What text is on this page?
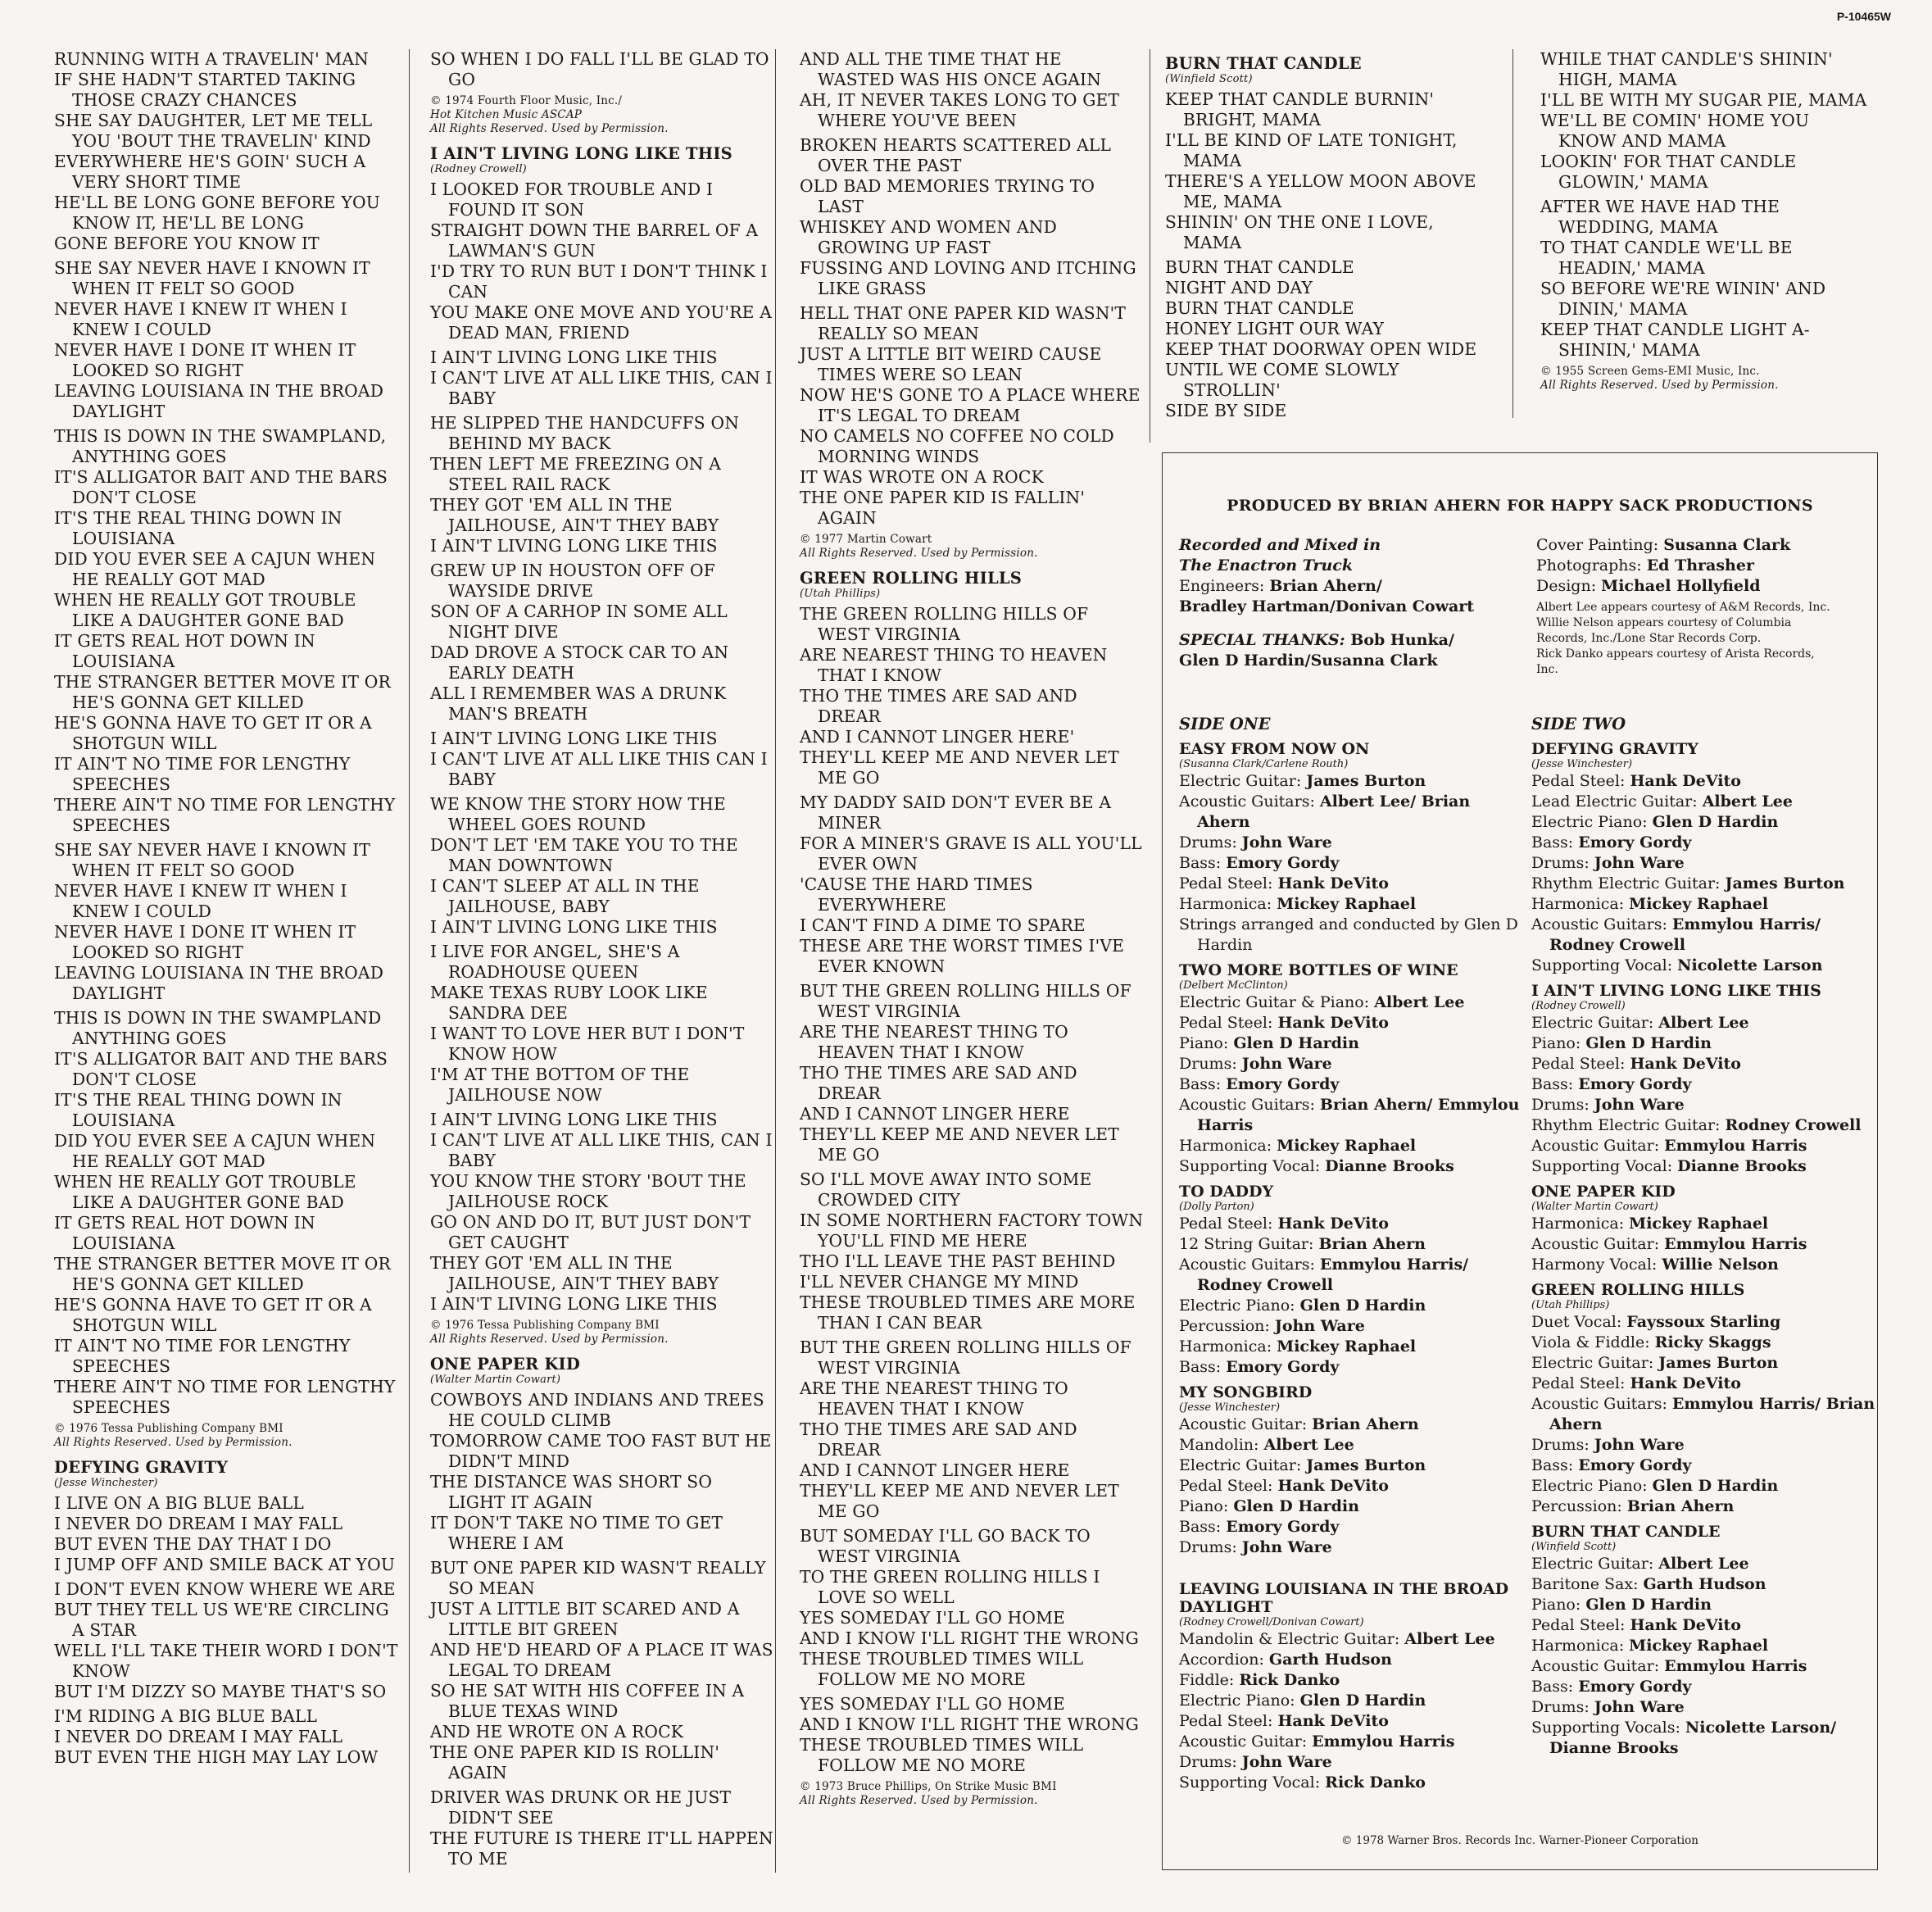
P-10465W
RUNNING WITH A TRAVELIN' MAN
IF SHE HADN'T STARTED TAKING THOSE CRAZY CHANCES
SHE SAY DAUGHTER, LET ME TELL YOU 'BOUT THE TRAVELIN' KIND
EVERYWHERE HE'S GOIN' SUCH A VERY SHORT TIME
HE'LL BE LONG GONE BEFORE YOU KNOW IT, HE'LL BE LONG
GONE BEFORE YOU KNOW IT
SHE SAY NEVER HAVE I KNOWN IT WHEN IT FELT SO GOOD
NEVER HAVE I KNEW IT WHEN I KNEW I COULD
NEVER HAVE I DONE IT WHEN IT LOOKED SO RIGHT
LEAVING LOUISIANA IN THE BROAD DAYLIGHT
THIS IS DOWN IN THE SWAMPLAND, ANYTHING GOES
IT'S ALLIGATOR BAIT AND THE BARS DON'T CLOSE
IT'S THE REAL THING DOWN IN LOUISIANA
DID YOU EVER SEE A CAJUN WHEN HE REALLY GOT MAD
WHEN HE REALLY GOT TROUBLE LIKE A DAUGHTER GONE BAD
IT GETS REAL HOT DOWN IN LOUISIANA
THE STRANGER BETTER MOVE IT OR HE'S GONNA GET KILLED
HE'S GONNA HAVE TO GET IT OR A SHOTGUN WILL
IT AIN'T NO TIME FOR LENGTHY SPEECHES
THERE AIN'T NO TIME FOR LENGTHY SPEECHES
SHE SAY NEVER HAVE I KNOWN IT WHEN IT FELT SO GOOD
NEVER HAVE I KNEW IT WHEN I KNEW I COULD
NEVER HAVE I DONE IT WHEN IT LOOKED SO RIGHT
LEAVING LOUISIANA IN THE BROAD DAYLIGHT
THIS IS DOWN IN THE SWAMPLAND ANYTHING GOES
IT'S ALLIGATOR BAIT AND THE BARS DON'T CLOSE
IT'S THE REAL THING DOWN IN LOUISIANA
DID YOU EVER SEE A CAJUN WHEN HE REALLY GOT MAD
WHEN HE REALLY GOT TROUBLE LIKE A DAUGHTER GONE BAD
IT GETS REAL HOT DOWN IN LOUISIANA
THE STRANGER BETTER MOVE IT OR HE'S GONNA GET KILLED
HE'S GONNA HAVE TO GET IT OR A SHOTGUN WILL
IT AIN'T NO TIME FOR LENGTHY SPEECHES
THERE AIN'T NO TIME FOR LENGTHY SPEECHES
© 1976 Tessa Publishing Company BMI
All Rights Reserved. Used by Permission.
DEFYING GRAVITY
(Jesse Winchester)
I LIVE ON A BIG BLUE BALL
I NEVER DO DREAM I MAY FALL
BUT EVEN THE DAY THAT I DO
I JUMP OFF AND SMILE BACK AT YOU
I DON'T EVEN KNOW WHERE WE ARE
BUT THEY TELL US WE'RE CIRCLING A STAR
WELL I'LL TAKE THEIR WORD I DON'T KNOW
BUT I'M DIZZY SO MAYBE THAT'S SO
I'M RIDING A BIG BLUE BALL
I NEVER DO DREAM I MAY FALL
BUT EVEN THE HIGH MAY LAY LOW
SO WHEN I DO FALL I'LL BE GLAD TO GO
© 1974 Fourth Floor Music, Inc./
Hot Kitchen Music ASCAP
All Rights Reserved. Used by Permission.
I AIN'T LIVING LONG LIKE THIS
(Rodney Crowell)
I LOOKED FOR TROUBLE AND I FOUND IT SON
STRAIGHT DOWN THE BARREL OF A LAWMAN'S GUN
I'D TRY TO RUN BUT I DON'T THINK I CAN
YOU MAKE ONE MOVE AND YOU'RE A DEAD MAN, FRIEND
I AIN'T LIVING LONG LIKE THIS
I CAN'T LIVE AT ALL LIKE THIS, CAN I BABY
HE SLIPPED THE HANDCUFFS ON BEHIND MY BACK
THEN LEFT ME FREEZING ON A STEEL RAIL RACK
THEY GOT 'EM ALL IN THE JAILHOUSE, AIN'T THEY BABY
I AIN'T LIVING LONG LIKE THIS
GREW UP IN HOUSTON OFF OF WAYSIDE DRIVE
SON OF A CARHOP IN SOME ALL NIGHT DIVE
DAD DROVE A STOCK CAR TO AN EARLY DEATH
ALL I REMEMBER WAS A DRUNK MAN'S BREATH
I AIN'T LIVING LONG LIKE THIS
I CAN'T LIVE AT ALL LIKE THIS CAN I BABY
WE KNOW THE STORY HOW THE WHEEL GOES ROUND
DON'T LET 'EM TAKE YOU TO THE MAN DOWNTOWN
I CAN'T SLEEP AT ALL IN THE JAILHOUSE, BABY
I AIN'T LIVING LONG LIKE THIS
I LIVE FOR ANGEL, SHE'S A ROADHOUSE QUEEN
MAKE TEXAS RUBY LOOK LIKE SANDRA DEE
I WANT TO LOVE HER BUT I DON'T KNOW HOW
I'M AT THE BOTTOM OF THE JAILHOUSE NOW
I AIN'T LIVING LONG LIKE THIS
I CAN'T LIVE AT ALL LIKE THIS, CAN I BABY
YOU KNOW THE STORY 'BOUT THE JAILHOUSE ROCK
GO ON AND DO IT, BUT JUST DON'T GET CAUGHT
THEY GOT 'EM ALL IN THE JAILHOUSE, AIN'T THEY BABY
I AIN'T LIVING LONG LIKE THIS
© 1976 Tessa Publishing Company BMI
All Rights Reserved. Used by Permission.
ONE PAPER KID
(Walter Martin Cowart)
COWBOYS AND INDIANS AND TREES HE COULD CLIMB
TOMORROW CAME TOO FAST BUT HE DIDN'T MIND
THE DISTANCE WAS SHORT SO LIGHT IT AGAIN
IT DON'T TAKE NO TIME TO GET WHERE I AM
BUT ONE PAPER KID WASN'T REALLY SO MEAN
JUST A LITTLE BIT SCARED AND A LITTLE BIT GREEN
AND HE'D HEARD OF A PLACE IT WAS LEGAL TO DREAM
SO HE SAT WITH HIS COFFEE IN A BLUE TEXAS WIND
AND HE WROTE ON A ROCK
THE ONE PAPER KID IS ROLLIN' AGAIN
DRIVER WAS DRUNK OR HE JUST DIDN'T SEE
THE FUTURE IS THERE IT'LL HAPPEN TO ME
AND ALL THE TIME THAT HE WASTED WAS HIS ONCE AGAIN
AH, IT NEVER TAKES LONG TO GET WHERE YOU'VE BEEN
BROKEN HEARTS SCATTERED ALL OVER THE PAST
OLD BAD MEMORIES TRYING TO LAST
WHISKEY AND WOMEN AND GROWING UP FAST
FUSSING AND LOVING AND ITCHING LIKE GRASS
HELL THAT ONE PAPER KID WASN'T REALLY SO MEAN
JUST A LITTLE BIT WEIRD CAUSE TIMES WERE SO LEAN
NOW HE'S GONE TO A PLACE WHERE IT'S LEGAL TO DREAM
NO CAMELS NO COFFEE NO COLD MORNING WINDS
IT WAS WROTE ON A ROCK
THE ONE PAPER KID IS FALLIN' AGAIN
© 1977 Martin Cowart
All Rights Reserved. Used by Permission.
GREEN ROLLING HILLS
(Utah Phillips)
THE GREEN ROLLING HILLS OF WEST VIRGINIA
ARE NEAREST THING TO HEAVEN THAT I KNOW
THO THE TIMES ARE SAD AND DREAR
AND I CANNOT LINGER HERE'
THEY'LL KEEP ME AND NEVER LET ME GO
MY DADDY SAID DON'T EVER BE A MINER
FOR A MINER'S GRAVE IS ALL YOU'LL EVER OWN
'CAUSE THE HARD TIMES EVERYWHERE
I CAN'T FIND A DIME TO SPARE
THESE ARE THE WORST TIMES I'VE EVER KNOWN
BUT THE GREEN ROLLING HILLS OF WEST VIRGINIA
ARE THE NEAREST THING TO HEAVEN THAT I KNOW
THO THE TIMES ARE SAD AND DREAR
AND I CANNOT LINGER HERE
THEY'LL KEEP ME AND NEVER LET ME GO
SO I'LL MOVE AWAY INTO SOME CROWDED CITY
IN SOME NORTHERN FACTORY TOWN YOU'LL FIND ME HERE
THO I'LL LEAVE THE PAST BEHIND
I'LL NEVER CHANGE MY MIND
THESE TROUBLED TIMES ARE MORE THAN I CAN BEAR
BUT THE GREEN ROLLING HILLS OF WEST VIRGINIA
ARE THE NEAREST THING TO HEAVEN THAT I KNOW
THO THE TIMES ARE SAD AND DREAR
AND I CANNOT LINGER HERE
THEY'LL KEEP ME AND NEVER LET ME GO
BUT SOMEDAY I'LL GO BACK TO WEST VIRGINIA
TO THE GREEN ROLLING HILLS I LOVE SO WELL
YES SOMEDAY I'LL GO HOME
AND I KNOW I'LL RIGHT THE WRONG
THESE TROUBLED TIMES WILL FOLLOW ME NO MORE
YES SOMEDAY I'LL GO HOME
AND I KNOW I'LL RIGHT THE WRONG
THESE TROUBLED TIMES WILL FOLLOW ME NO MORE
© 1973 Bruce Phillips, On Strike Music BMI
All Rights Reserved. Used by Permission.
BURN THAT CANDLE
(Winfield Scott)
KEEP THAT CANDLE BURNIN' BRIGHT, MAMA
I'LL BE KIND OF LATE TONIGHT, MAMA
THERE'S A YELLOW MOON ABOVE ME, MAMA
SHININ' ON THE ONE I LOVE, MAMA
BURN THAT CANDLE
NIGHT AND DAY
BURN THAT CANDLE
HONEY LIGHT OUR WAY
KEEP THAT DOORWAY OPEN WIDE
UNTIL WE COME SLOWLY STROLLIN'
SIDE BY SIDE
WHILE THAT CANDLE'S SHININ' HIGH, MAMA
I'LL BE WITH MY SUGAR PIE, MAMA
WE'LL BE COMIN' HOME YOU KNOW AND MAMA
LOOKIN' FOR THAT CANDLE GLOWIN,' MAMA
AFTER WE HAVE HAD THE WEDDING, MAMA
TO THAT CANDLE WE'LL BE HEADIN,' MAMA
SO BEFORE WE'RE WININ' AND DININ,' MAMA
KEEP THAT CANDLE LIGHT A-SHININ,' MAMA
© 1955 Screen Gems-EMI Music, Inc.
All Rights Reserved. Used by Permission.
PRODUCED BY BRIAN AHERN FOR HAPPY SACK PRODUCTIONS
Recorded and Mixed in
The Enactron Truck
Engineers: Brian Ahern/
Bradley Hartman/Donivan Cowart
SPECIAL THANKS: Bob Hunka/
Glen D Hardin/Susanna Clark
Cover Painting: Susanna Clark
Photographs: Ed Thrasher
Design: Michael Hollyfield
Albert Lee appears courtesy of A&M Records, Inc.
Willie Nelson appears courtesy of Columbia
Records, Inc./Lone Star Records Corp.
Rick Danko appears courtesy of Arista Records,
Inc.
SIDE ONE
EASY FROM NOW ON
(Susanna Clark/Carlene Routh)
Electric Guitar: James Burton
Acoustic Guitars: Albert Lee/ Brian Ahern
Drums: John Ware
Bass: Emory Gordy
Pedal Steel: Hank DeVito
Harmonica: Mickey Raphael
Strings arranged and conducted by Glen D Hardin
TWO MORE BOTTLES OF WINE
(Delbert McClinton)
Electric Guitar & Piano: Albert Lee
Pedal Steel: Hank DeVito
Piano: Glen D Hardin
Drums: John Ware
Bass: Emory Gordy
Acoustic Guitars: Brian Ahern/ Emmylou Harris
Harmonica: Mickey Raphael
Supporting Vocal: Dianne Brooks
TO DADDY
(Dolly Parton)
Pedal Steel: Hank DeVito
12 String Guitar: Brian Ahern
Acoustic Guitars: Emmylou Harris/ Rodney Crowell
Electric Piano: Glen D Hardin
Percussion: John Ware
Harmonica: Mickey Raphael
Bass: Emory Gordy
MY SONGBIRD
(Jesse Winchester)
Acoustic Guitar: Brian Ahern
Mandolin: Albert Lee
Electric Guitar: James Burton
Pedal Steel: Hank DeVito
Piano: Glen D Hardin
Bass: Emory Gordy
Drums: John Ware
LEAVING LOUISIANA IN THE BROAD DAYLIGHT
(Rodney Crowell/Donivan Cowart)
Mandolin & Electric Guitar: Albert Lee
Accordion: Garth Hudson
Fiddle: Rick Danko
Electric Piano: Glen D Hardin
Pedal Steel: Hank DeVito
Acoustic Guitar: Emmylou Harris
Drums: John Ware
Supporting Vocal: Rick Danko
SIDE TWO
DEFYING GRAVITY
(Jesse Winchester)
Pedal Steel: Hank DeVito
Lead Electric Guitar: Albert Lee
Electric Piano: Glen D Hardin
Bass: Emory Gordy
Drums: John Ware
Rhythm Electric Guitar: James Burton
Harmonica: Mickey Raphael
Acoustic Guitars: Emmylou Harris/ Rodney Crowell
Supporting Vocal: Nicolette Larson
I AIN'T LIVING LONG LIKE THIS
(Rodney Crowell)
Electric Guitar: Albert Lee
Piano: Glen D Hardin
Pedal Steel: Hank DeVito
Bass: Emory Gordy
Drums: John Ware
Rhythm Electric Guitar: Rodney Crowell
Acoustic Guitar: Emmylou Harris
Supporting Vocal: Dianne Brooks
ONE PAPER KID
(Walter Martin Cowart)
Harmonica: Mickey Raphael
Acoustic Guitar: Emmylou Harris
Harmony Vocal: Willie Nelson
GREEN ROLLING HILLS
(Utah Phillips)
Duet Vocal: Fayssoux Starling
Viola & Fiddle: Ricky Skaggs
Electric Guitar: James Burton
Pedal Steel: Hank DeVito
Acoustic Guitars: Emmylou Harris/ Brian Ahern
Drums: John Ware
Bass: Emory Gordy
Electric Piano: Glen D Hardin
Percussion: Brian Ahern
BURN THAT CANDLE
(Winfield Scott)
Electric Guitar: Albert Lee
Baritone Sax: Garth Hudson
Piano: Glen D Hardin
Pedal Steel: Hank DeVito
Harmonica: Mickey Raphael
Acoustic Guitar: Emmylou Harris
Bass: Emory Gordy
Drums: John Ware
Supporting Vocals: Nicolette Larson/ Dianne Brooks
© 1978 Warner Bros. Records Inc. Warner-Pioneer Corporation
